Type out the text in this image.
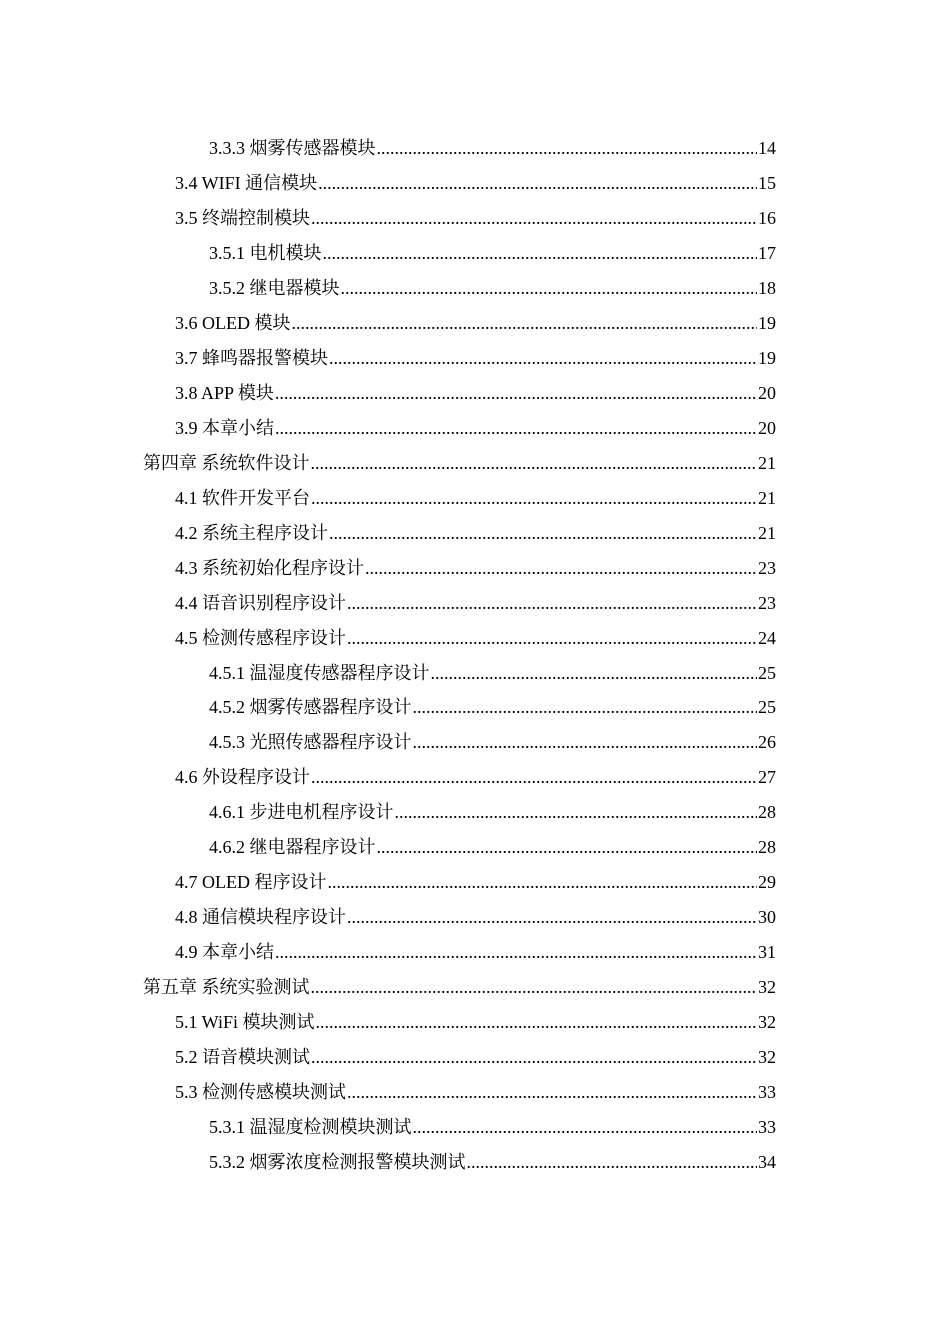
3.3.3 烟雾传感器模块 .....	14
3.4 WIFI 通信模块 .....	15
3.5 终端控制模块 .....	16
3.5.1 电机模块 .....	17
3.5.2 继电器模块 .....	18
3.6 OLED 模块 .....	19
3.7 蜂鸣器报警模块 .....	19
3.8 APP 模块 .....	20
3.9 本章小结 .....	20
第四章 系统软件设计 .....	21
4.1 软件开发平台 .....	21
4.2 系统主程序设计 .....	21
4.3 系统初始化程序设计 .....	23
4.4 语音识别程序设计 .....	23
4.5 检测传感程序设计 .....	24
4.5.1 温湿度传感器程序设计 .....	25
4.5.2 烟雾传感器程序设计 .....	25
4.5.3 光照传感器程序设计 .....	26
4.6 外设程序设计 .....	27
4.6.1 步进电机程序设计 .....	28
4.6.2 继电器程序设计 .....	28
4.7 OLED 程序设计 .....	29
4.8 通信模块程序设计 .....	30
4.9 本章小结 .....	31
第五章 系统实验测试 .....	32
5.1 WiFi 模块测试 .....	32
5.2 语音模块测试 .....	32
5.3 检测传感模块测试 .....	33
5.3.1 温湿度检测模块测试 .....	33
5.3.2 烟雾浓度检测报警模块测试 .....	34
